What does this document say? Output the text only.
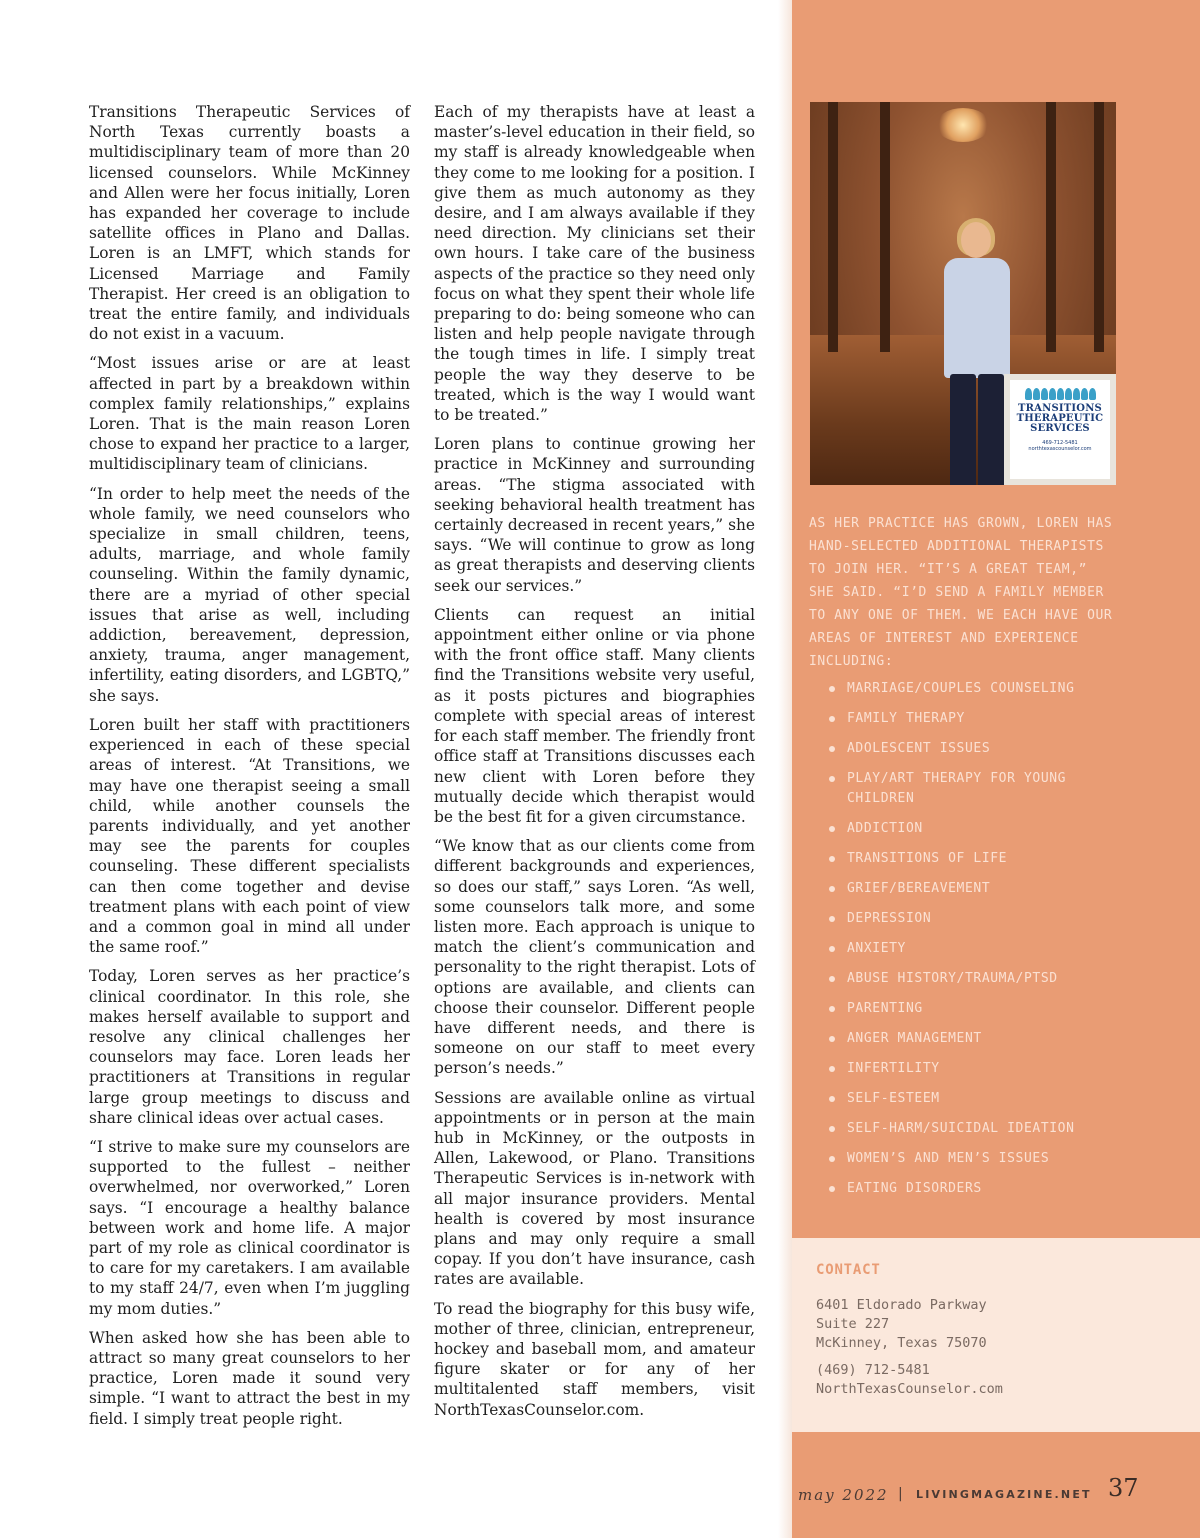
Transitions Therapeutic Services of North Texas currently boasts a multidisciplinary team of more than 20 licensed counselors. While McKinney and Allen were her focus initially, Loren has expanded her coverage to include satellite offices in Plano and Dallas. Loren is an LMFT, which stands for Licensed Marriage and Family Therapist. Her creed is an obligation to treat the entire family, and individuals do not exist in a vacuum.

“Most issues arise or are at least affected in part by a breakdown within complex family relationships,” explains Loren. That is the main reason Loren chose to expand her practice to a larger, multidisciplinary team of clinicians.

“In order to help meet the needs of the whole family, we need counselors who specialize in small children, teens, adults, marriage, and whole family counseling. Within the family dynamic, there are a myriad of other special issues that arise as well, including addiction, bereavement, depression, anxiety, trauma, anger management, infertility, eating disorders, and LGBTQ,” she says.

Loren built her staff with practitioners experienced in each of these special areas of interest. “At Transitions, we may have one therapist seeing a small child, while another counsels the parents individually, and yet another may see the parents for couples counseling. These different specialists can then come together and devise treatment plans with each point of view and a common goal in mind all under the same roof.”

Today, Loren serves as her practice’s clinical coordinator. In this role, she makes herself available to support and resolve any clinical challenges her counselors may face. Loren leads her practitioners at Transitions in regular large group meetings to discuss and share clinical ideas over actual cases.

“I strive to make sure my counselors are supported to the fullest – neither overwhelmed, nor overworked,” Loren says. “I encourage a healthy balance between work and home life. A major part of my role as clinical coordinator is to care for my caretakers. I am available to my staff 24/7, even when I’m juggling my mom duties.”

When asked how she has been able to attract so many great counselors to her practice, Loren made it sound very simple. “I want to attract the best in my field. I simply treat people right.

Each of my therapists have at least a master’s-level education in their field, so my staff is already knowledgeable when they come to me looking for a position. I give them as much autonomy as they desire, and I am always available if they need direction. My clinicians set their own hours. I take care of the business aspects of the practice so they need only focus on what they spent their whole life preparing to do: being someone who can listen and help people navigate through the tough times in life. I simply treat people the way they deserve to be treated, which is the way I would want to be treated.”

Loren plans to continue growing her practice in McKinney and surrounding areas. “The stigma associated with seeking behavioral health treatment has certainly decreased in recent years,” she says. “We will continue to grow as long as great therapists and deserving clients seek our services.”

Clients can request an initial appointment either online or via phone with the front office staff. Many clients find the Transitions website very useful, as it posts pictures and biographies complete with special areas of interest for each staff member. The friendly front office staff at Transitions discusses each new client with Loren before they mutually decide which therapist would be the best fit for a given circumstance.

“We know that as our clients come from different backgrounds and experiences, so does our staff,” says Loren. “As well, some counselors talk more, and some listen more. Each approach is unique to match the client’s communication and personality to the right therapist. Lots of options are available, and clients can choose their counselor. Different people have different needs, and there is someone on our staff to meet every person’s needs.”

Sessions are available online as virtual appointments or in person at the main hub in McKinney, or the outposts in Allen, Lakewood, or Plano. Transitions Therapeutic Services is in-network with all major insurance providers. Mental health is covered by most insurance plans and may only require a small copay. If you don’t have insurance, cash rates are available.

To read the biography for this busy wife, mother of three, clinician, entrepreneur, hockey and baseball mom, and amateur figure skater or for any of her multitalented staff members, visit NorthTexasCounselor.com.

TRANSITIONS
THERAPEUTIC
SERVICES
469-712-5481
northtexascounselor.com
AS HER PRACTICE HAS GROWN, LOREN HAS HAND-SELECTED ADDITIONAL THERAPISTS TO JOIN HER. “IT’S A GREAT TEAM,” SHE SAID. “I’D SEND A FAMILY MEMBER TO ANY ONE OF THEM. WE EACH HAVE OUR AREAS OF INTEREST AND EXPERIENCE INCLUDING:
MARRIAGE/COUPLES COUNSELING
FAMILY THERAPY
ADOLESCENT ISSUES
PLAY/ART THERAPY FOR YOUNG CHILDREN
ADDICTION
TRANSITIONS OF LIFE
GRIEF/BEREAVEMENT
DEPRESSION
ANXIETY
ABUSE HISTORY/TRAUMA/PTSD
PARENTING
ANGER MANAGEMENT
INFERTILITY
SELF-ESTEEM
SELF-HARM/SUICIDAL IDEATION
WOMEN’S AND MEN’S ISSUES
EATING DISORDERS
CONTACT
6401 Eldorado Parkway
Suite 227
McKinney, Texas 75070
(469) 712-5481
NorthTexasCounselor.com
may 2022 | LIVINGMAGAZINE.NET 37
